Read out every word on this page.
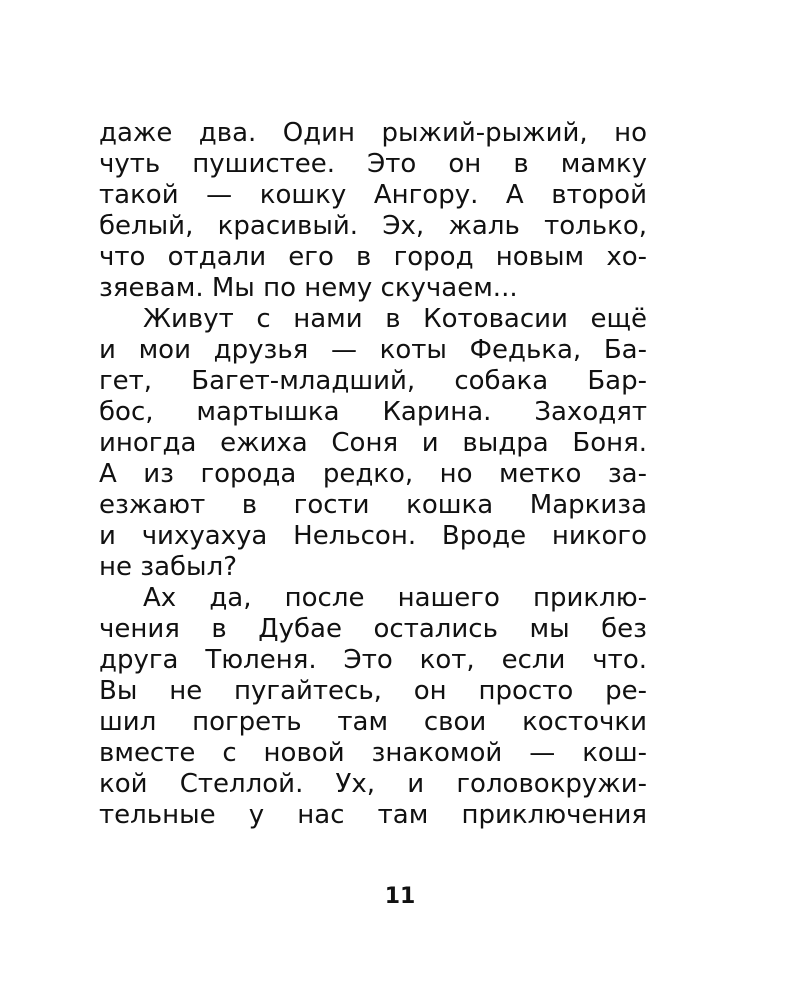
даже два. Один рыжий-рыжий, но
чуть пушистее. Это он в мамку
такой — кошку Ангору. А второй
белый, красивый. Эх, жаль только,
что отдали его в город новым хо-
зяевам. Мы по нему скучаем...
Живут с нами в Котовасии ещё
и мои друзья — коты Федька, Ба-
гет, Багет-младший, собака Бар-
бос, мартышка Карина. Заходят
иногда ежиха Соня и выдра Боня.
А из города редко, но метко за-
езжают в гости кошка Маркиза
и чихуахуа Нельсон. Вроде никого
не забыл?
Ах да, после нашего приклю-
чения в Дубае остались мы без
друга Тюленя. Это кот, если что.
Вы не пугайтесь, он просто ре-
шил погреть там свои косточки
вместе с новой знакомой — кош-
кой Стеллой. Ух, и головокружи-
тельные у нас там приключения
11
